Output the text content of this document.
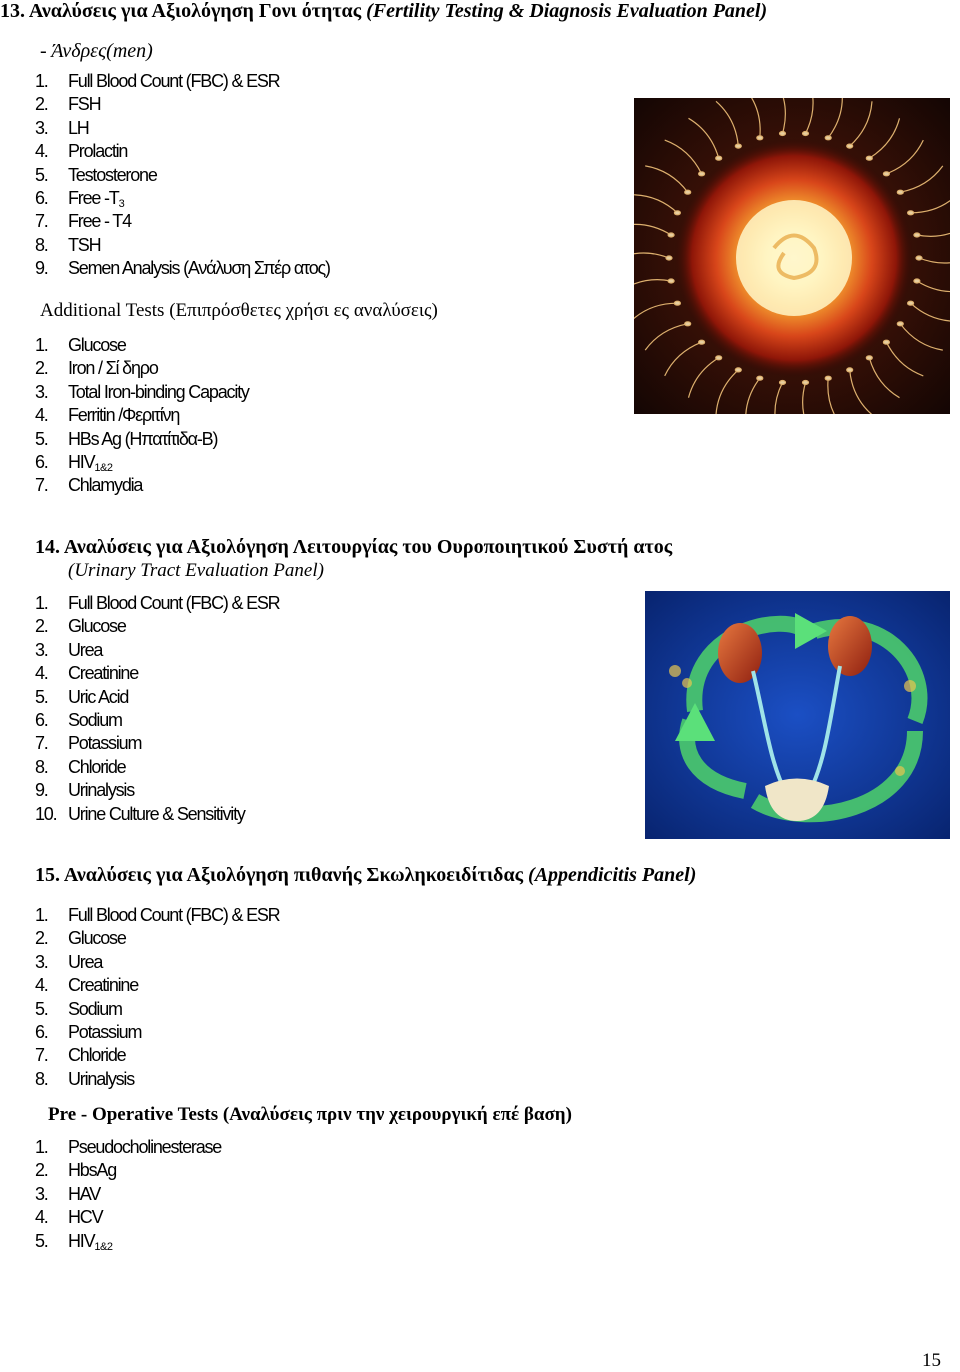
13. Αναλύσεις για Αξιολόγηση Γονι ότητας (Fertility Testing & Diagnosis Evaluation Panel)
- Άνδρες(men)
1. Full Blood Count (FBC) & ESR
2. FSH
3. LH
4. Prolactin
5. Testosterone
6. Free $-T_3$
7. Free - T4
8. TSH
9. Semen Analysis (Ανάλυση Σπέρ ατος)
Additional Tests (Επιπρόσθετες χρήσι ες αναλύσεις)
1. Glucose
2. Iron / Σί δηρο
3. Total Iron-binding Capacity
4. Ferritin /Φεριτίνη
5. HBs Ag (Ηπατίτιδα-Β)
6. $HIV_{1\&2}$
7. Chlamydia
14. Αναλύσεις για Αξιολόγηση Λειτουργίας του Ουροποιητικού Συστή ατος
(Urinary Tract Evaluation Panel)
1. Full Blood Count (FBC) & ESR
2. Glucose
3. Urea
4. Creatinine
5. Uric Acid
6. Sodium
7. Potassium
8. Chloride
9. Urinalysis
10. Urine Culture & Sensitivity
15. Αναλύσεις για Αξιολόγηση πιθανής Σκωληκοειδίτιδας (Appendicitis Panel)
1. Full Blood Count (FBC) & ESR
2. Glucose
3. Urea
4. Creatinine
5. Sodium
6. Potassium
7. Chloride
8. Urinalysis
Pre - Operative Tests (Αναλύσεις πριν την χειρουργική επέ βαση)
1. Pseudocholinesterase
2. HbsAg
3. HAV
4. HCV
5. $HIV_{1\&2}$
15
